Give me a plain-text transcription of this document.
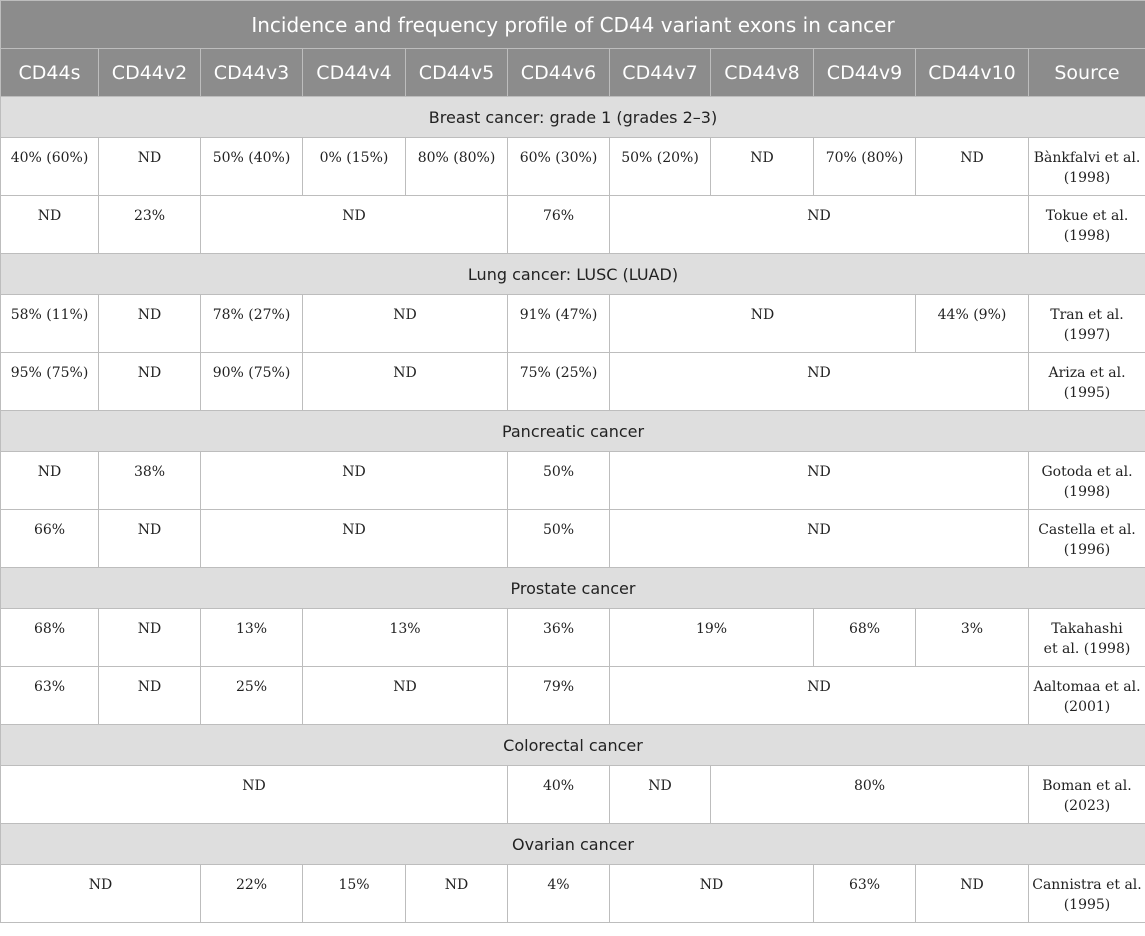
Incidence and frequency profile of CD44 variant exons in cancer										
CD44s	CD44v2	CD44v3	CD44v4	CD44v5	CD44v6	CD44v7	CD44v8	CD44v9	CD44v10	Source
Breast cancer: grade 1 (grades 2–3)										
40% (60%)	ND	50% (40%)	0% (15%)	80% (80%)	60% (30%)	50% (20%)	ND	70% (80%)	ND	Bànkfalvi et al.
(1998)

ND	23%	ND			76%	ND				Tokue et al.
(1998)

Lung cancer: LUSC (LUAD)										
58% (11%)	ND	78% (27%)	ND		91% (47%)	ND			44% (9%)	Tran et al.
(1997)

95% (75%)	ND	90% (75%)	ND		75% (25%)	ND				Ariza et al.
(1995)

Pancreatic cancer										
ND	38%	ND			50%	ND				Gotoda et al.
(1998)

66%	ND	ND			50%	ND				Castella et al.
(1996)

Prostate cancer										
68%	ND	13%	13%		36%	19%		68%	3%	Takahashi
et al. (1998)

63%	ND	25%	ND		79%	ND				Aaltomaa et al.
(2001)

Colorectal cancer										
ND					40%	ND	80%			Boman et al.
(2023)

Ovarian cancer										
ND		22%	15%	ND	4%	ND		63%	ND	Cannistra et al.
(1995)
